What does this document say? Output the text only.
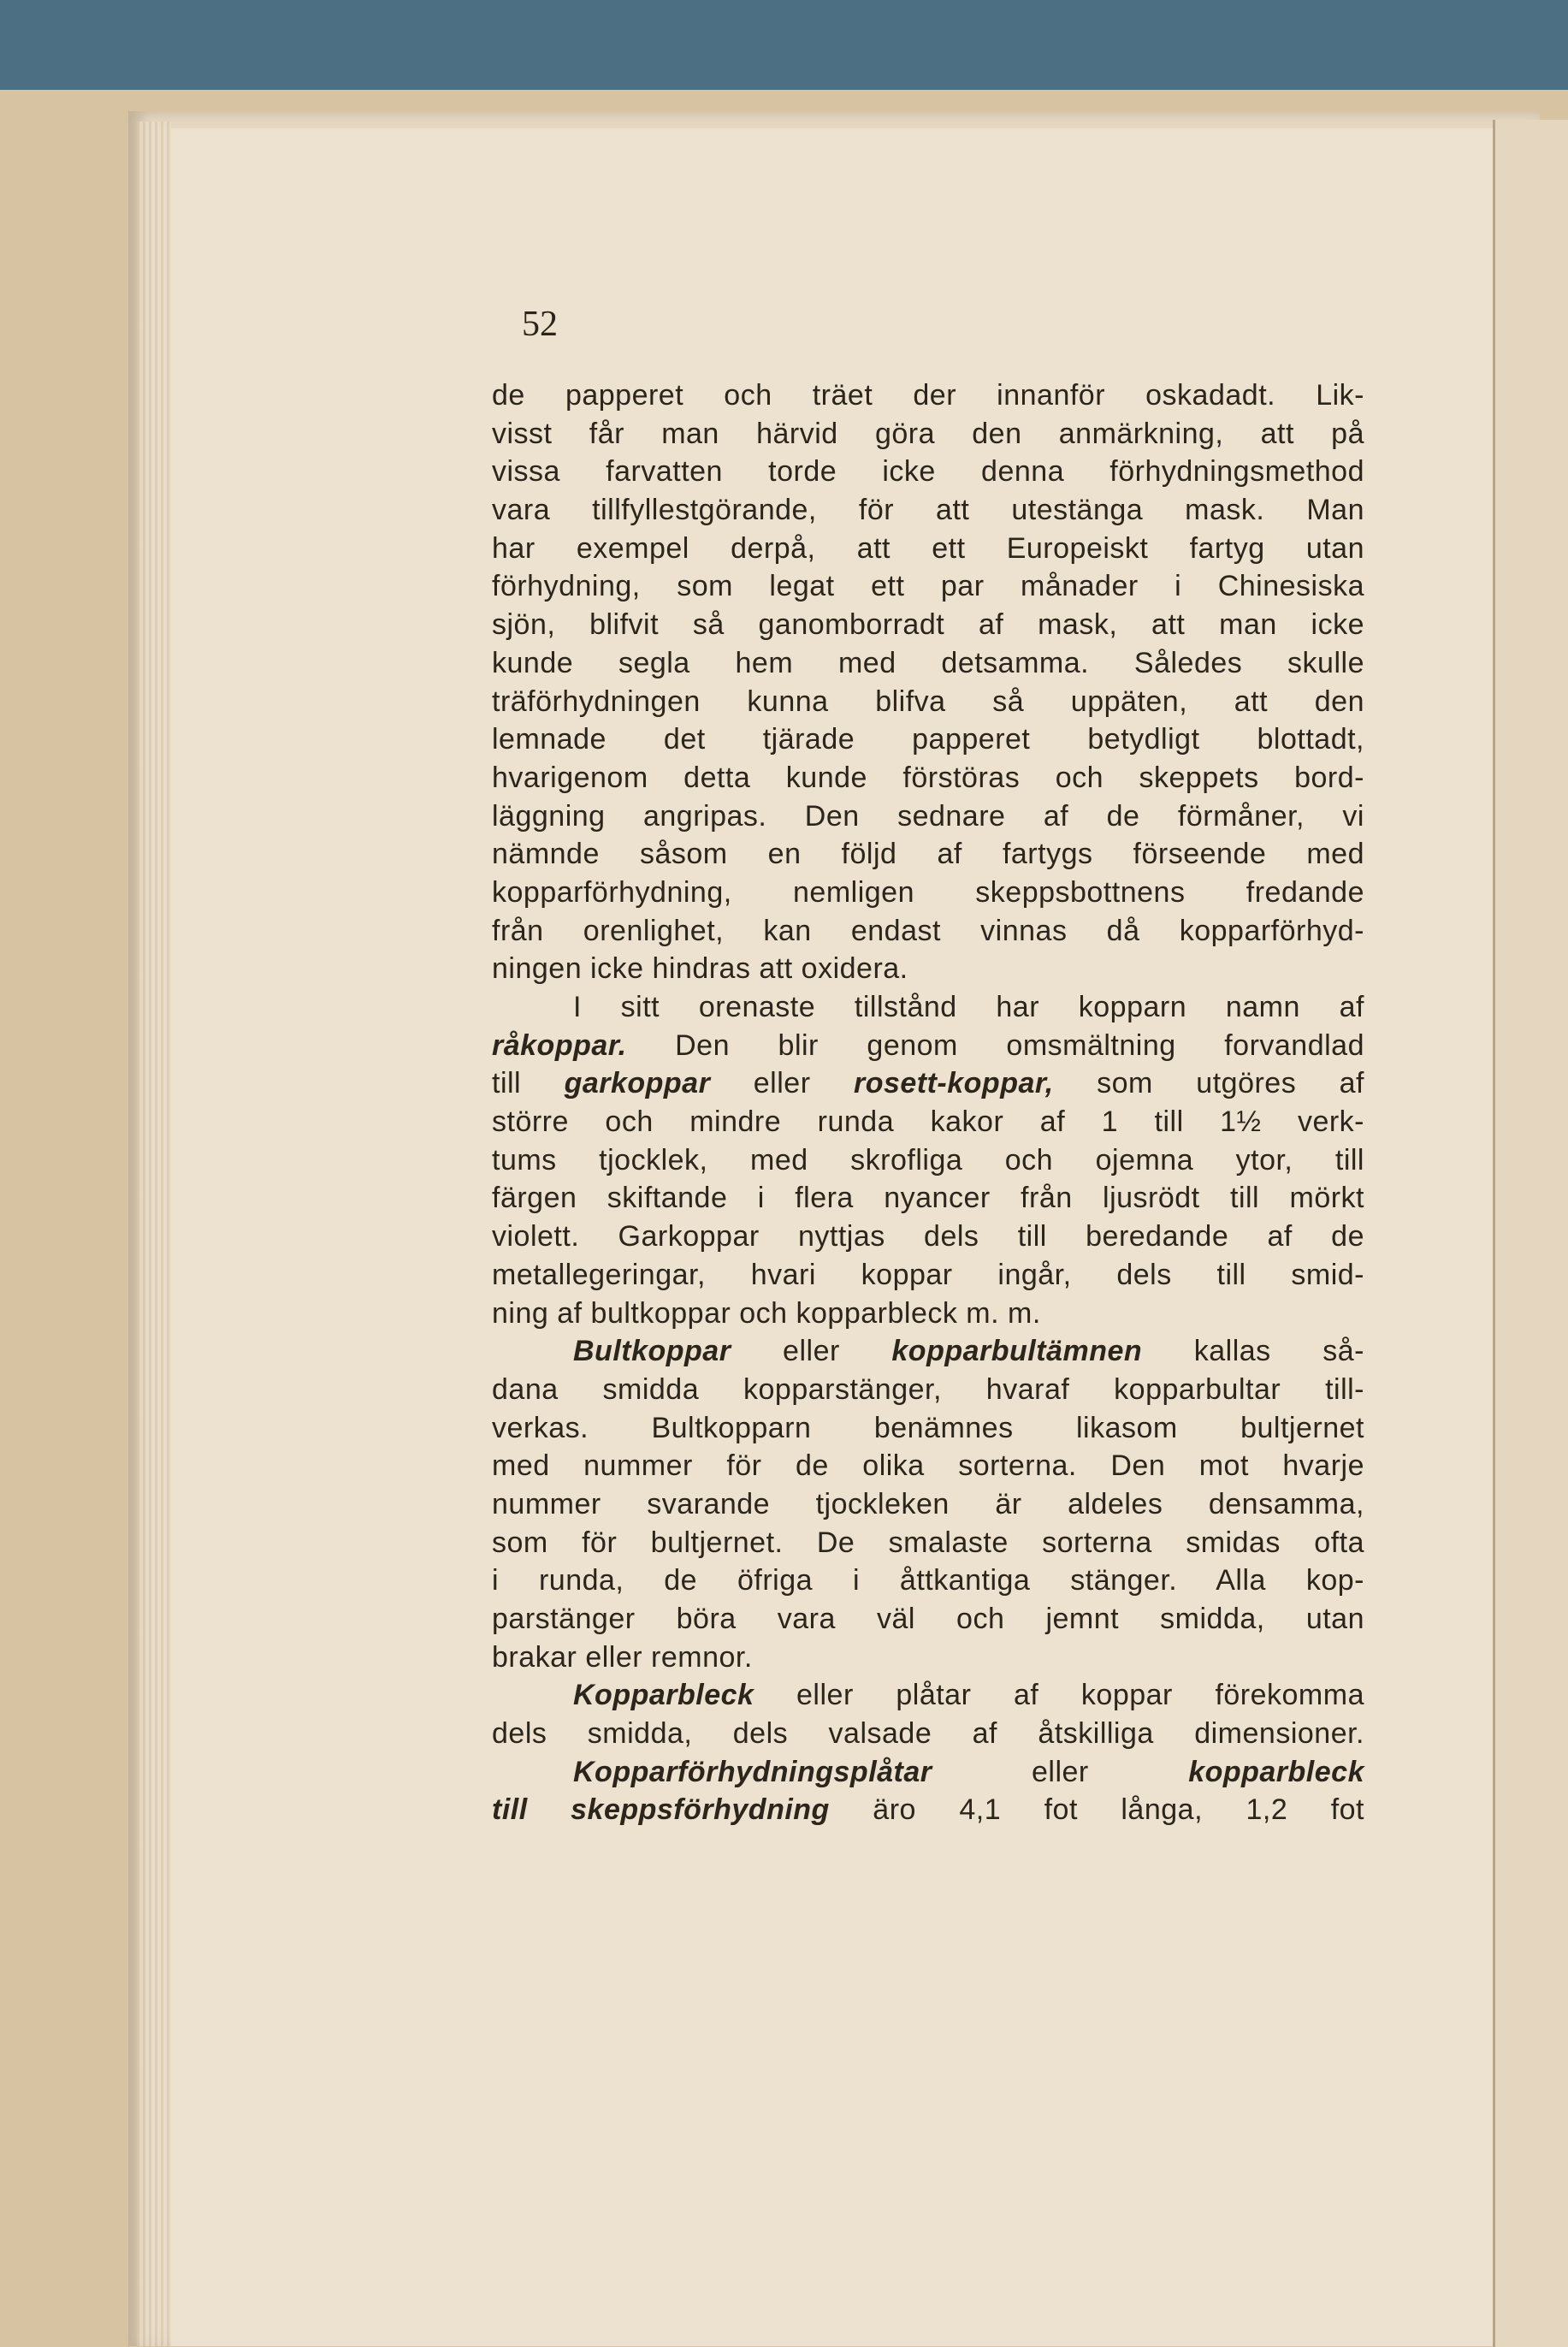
52

de papperet och träet der innanför oskadadt. Lik-
visst får man härvid göra den anmärkning, att på
vissa farvatten torde icke denna förhydningsmethod
vara tillfyllestgörande, för att utestänga mask. Man
har exempel derpå, att ett Europeiskt fartyg utan
förhydning, som legat ett par månader i Chinesiska
sjön, blifvit så ganomborradt af mask, att man icke
kunde segla hem med detsamma. Således skulle
träförhydningen kunna blifva så uppäten, att den
lemnade det tjärade papperet betydligt blottadt,
hvarigenom detta kunde förstöras och skeppets bord-
läggning angripas. Den sednare af de förmåner, vi
nämnde såsom en följd af fartygs förseende med
kopparförhydning, nemligen skeppsbottnens fredande
från orenlighet, kan endast vinnas då kopparförhyd-
ningen icke hindras att oxidera.
I sitt orenaste tillstånd har kopparn namn af
råkoppar. Den blir genom omsmältning forvandlad
till garkoppar eller rosett-koppar, som utgöres af
större och mindre runda kakor af 1 till 1½ verk-
tums tjocklek, med skrofliga och ojemna ytor, till
färgen skiftande i flera nyancer från ljusrödt till mörkt
violett. Garkoppar nyttjas dels till beredande af de
metallegeringar, hvari koppar ingår, dels till smid-
ning af bultkoppar och kopparbleck m. m.
Bultkoppar eller kopparbultämnen kallas så-
dana smidda kopparstänger, hvaraf kopparbultar till-
verkas. Bultkopparn benämnes likasom bultjernet
med nummer för de olika sorterna. Den mot hvarje
nummer svarande tjockleken är aldeles densamma,
som för bultjernet. De smalaste sorterna smidas ofta
i runda, de öfriga i åttkantiga stänger. Alla kop-
parstänger böra vara väl och jemnt smidda, utan
brakar eller remnor.
Kopparbleck eller plåtar af koppar förekomma
dels smidda, dels valsade af åtskilliga dimensioner.
Kopparförhydningsplåtar eller kopparbleck
till skeppsförhydning äro 4,1 fot långa, 1,2 fot
